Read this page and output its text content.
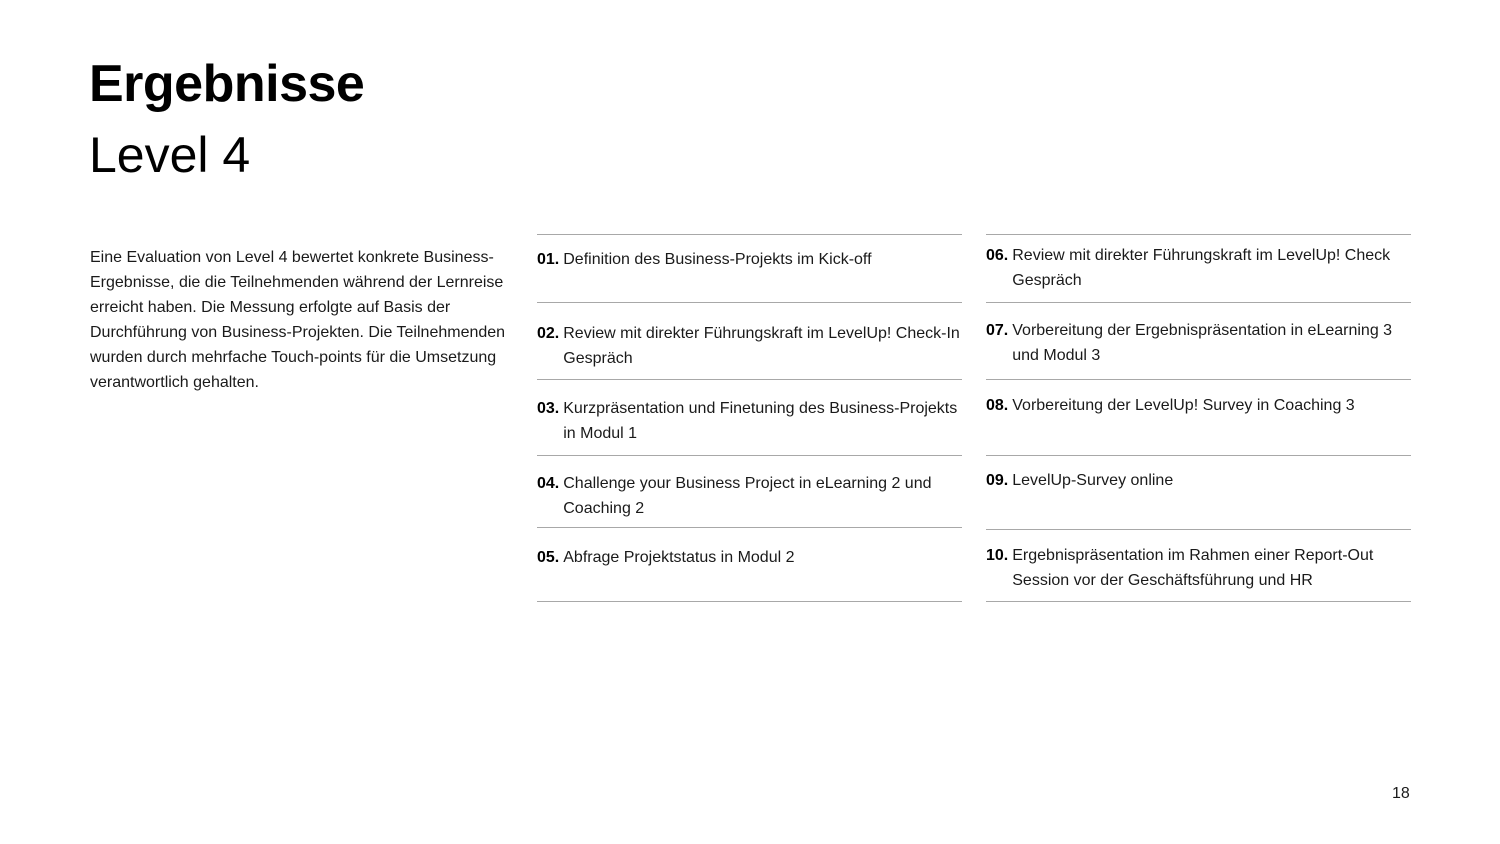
Ergebnisse
Level 4

Eine Evaluation von Level 4 bewertet konkrete Business-Ergebnisse, die die Teilnehmenden während der Lernreise erreicht haben. Die Messung erfolgte auf Basis der Durchführung von Business-Projekten. Die Teilnehmenden wurden durch mehrfache Touch-points für die Umsetzung verantwortlich gehalten.

01. Definition des Business-Projekts im Kick-off
02. Review mit direkter Führungskraft im LevelUp! Check-In Gespräch
03. Kurzpräsentation und Finetuning des Business-Projekts in Modul 1
04. Challenge your Business Project in eLearning 2 und Coaching 2
05. Abfrage Projektstatus in Modul 2
06. Review mit direkter Führungskraft im LevelUp! Check Gespräch
07. Vorbereitung der Ergebnispräsentation in eLearning 3 und Modul 3
08. Vorbereitung der LevelUp! Survey in Coaching 3
09. LevelUp-Survey online
10. Ergebnispräsentation im Rahmen einer Report-Out Session vor der Geschäftsführung und HR
18
